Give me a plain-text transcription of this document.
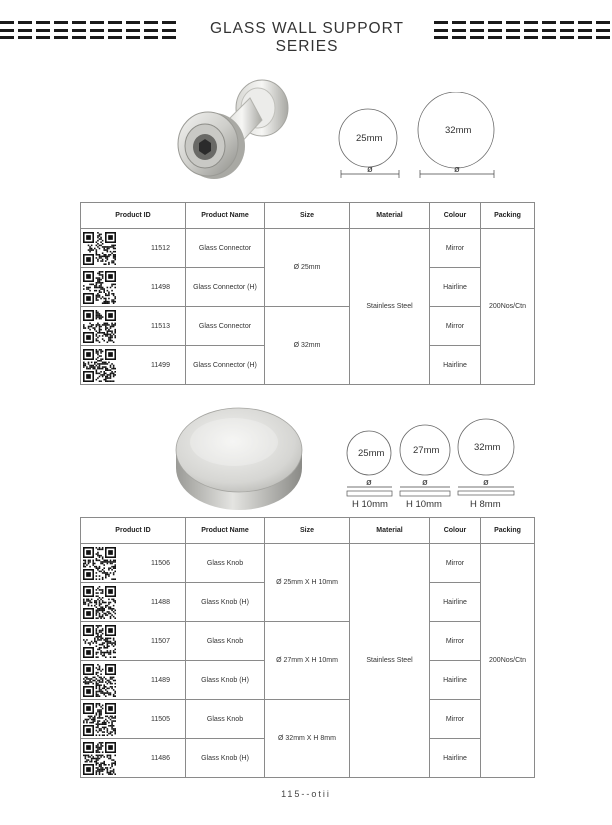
GLASS WALL SUPPORT SERIES
25mm
32mm
ø	ø
Product ID	Product Name	Size	Material	Colour	Packing

11512	Glass Connector	Ø 25mm	Stainless Steel	Mirror	200Nos/Ctn

11498	Glass Connector (H)			Hairline	

11513	Glass Connector	Ø 32mm		Mirror	

11499	Glass Connector (H)			Hairline	
25mm	27mm	32mm
ø	ø	ø
H 10mm H 10mm	H 8mm
Product ID	Product Name	Size	Material	Colour	Packing

11506	Glass Knob	Ø 25mm X H 10mm	Stainless Steel	Mirror	200Nos/Ctn

11488	Glass Knob (H)			Hairline	

11507	Glass Knob	Ø 27mm X H 10mm		Mirror	

11489	Glass Knob (H)			Hairline	

11505	Glass Knob	Ø 32mm X H 8mm		Mirror	

11486	Glass Knob (H)			Hairline	
115--otii
